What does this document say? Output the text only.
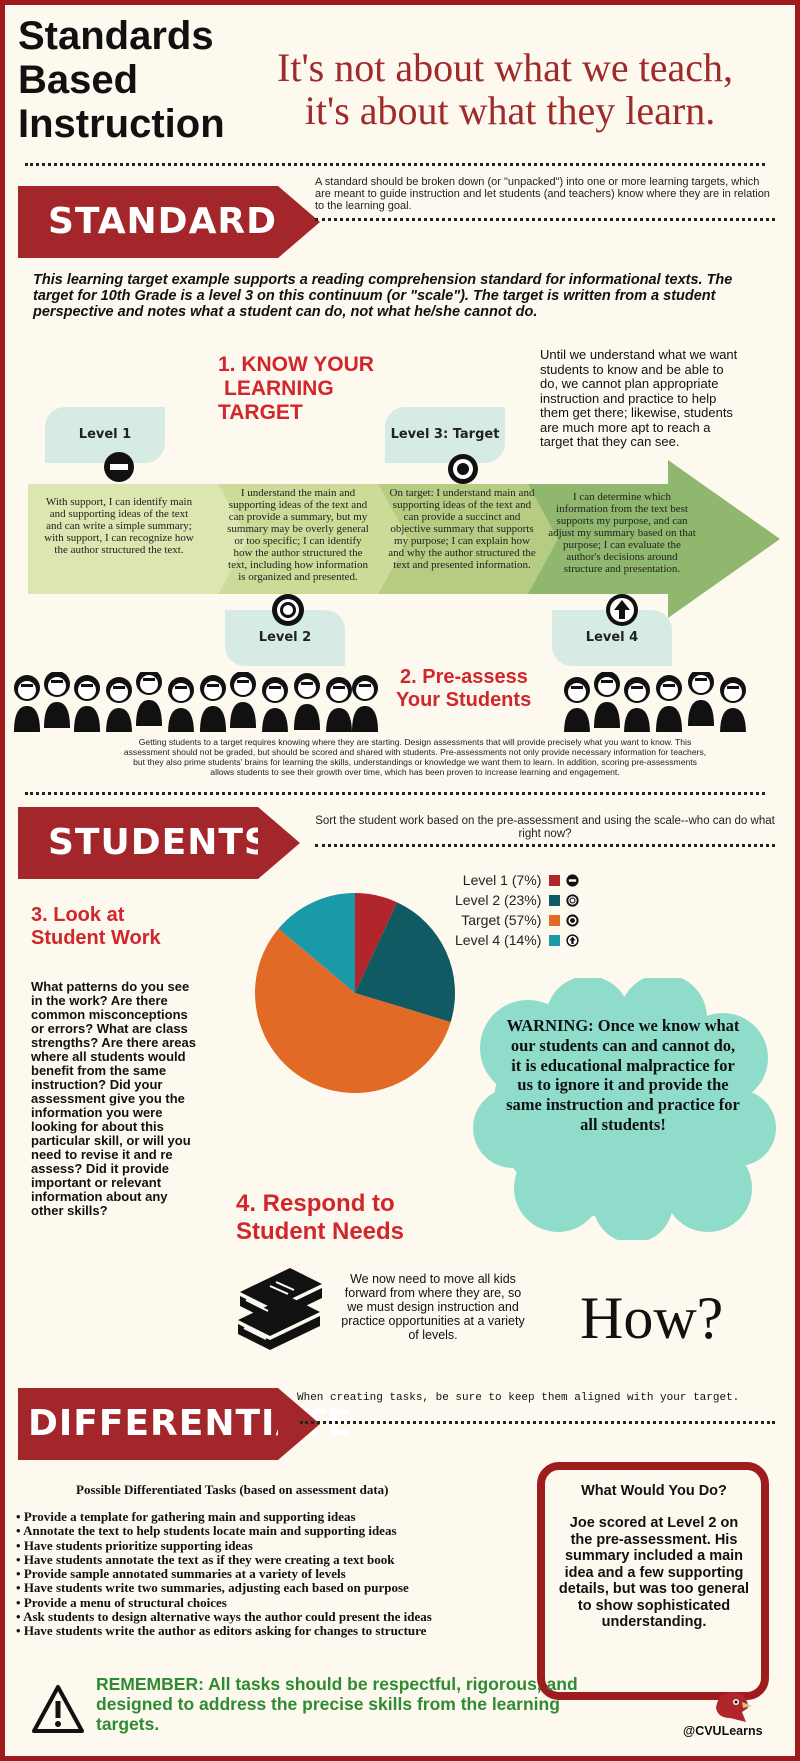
Standards
Based
Instruction
It's not about what we teach,
it's about what they learn.
STANDARDS
A standard should be broken down (or "unpacked") into one or more learning targets, which are meant to guide instruction and let students (and teachers) know where they are in relation to the learning goal.
This learning target example supports a reading comprehension standard for informational texts. The target for 10th Grade is a level 3 on this continuum (or "scale"). The target is written from a student perspective and notes what a student can do, not what he/she cannot do.
1. KNOW YOUR
LEARNING
TARGET
Until we understand what we want students to know and be able to do, we cannot plan appropriate instruction and practice to help them get there; likewise, students are much more apt to reach a target that they can see.
Level 1	Level 3: Target
Level 2	Level 4
With support, I can identify main and supporting ideas of the text and can write a simple summary; with support, I can recognize how the author structured the text.
I understand the main and supporting ideas of the text and can provide a summary, but my summary may be overly general or too specific; I can identify how the author structured the text, including how information is organized and presented.
On target: I understand main and supporting ideas of the text and can provide a succinct and objective summary that supports my purpose; I can explain how and why the author structured the text and presented information.
I can determine which information from the text best supports my purpose, and can adjust my summary based on that purpose; I can evaluate the author's decisions around structure and presentation.
2. Pre-assess
Your Students
Getting students to a target requires knowing where they are starting. Design assessments that will provide precisely what you want to know. This assessment should not be graded, but should be scored and shared with students. Pre-assessments not only provide necessary information for teachers, but they also prime students' brains for learning the skills, understandings or knowledge we want them to learn. In addition, scoring pre-assessments allows students to see their growth over time, which has been proven to increase learning and engagement.
STUDENTS
Sort the student work based on the pre-assessment and using the scale--who can do what right now?
3. Look at
Student Work
What patterns do you see in the work? Are there common misconceptions or errors? What are class strengths? Are there areas where all students would benefit from the same instruction? Did your assessment give you the information you were looking for about this particular skill, or will you need to revise it and re assess? Did it provide important or relevant information about any other skills?
Level 1 (7%)
Level 2 (23%)
Target (57%)
Level 4 (14%)
WARNING: Once we know what our students can and cannot do, it is educational malpractice for us to ignore it and provide the same instruction and practice for all students!
4. Respond to
Student Needs
We now need to move all kids forward from where they are, so we must design instruction and practice opportunities at a variety of levels.	How?
DIFFERENTIATE
When creating tasks, be sure to keep them aligned with your target.
Possible Differentiated Tasks (based on assessment data)
• Provide a template for gathering main and supporting ideas
• Annotate the text to help students locate main and supporting ideas
• Have students prioritize supporting ideas
• Have students annotate the text as if they were creating a text book
• Provide sample annotated summaries at a variety of levels
• Have students write two summaries, adjusting each based on purpose
• Provide a menu of structural choices
• Ask students to design alternative ways the author could present the ideas
• Have students write the author as editors asking for changes to structure
What Would You Do?
Joe scored at Level 2 on the pre-assessment. His summary included a main idea and a few supporting details, but was too general to show sophisticated understanding.
REMEMBER: All tasks should be respectful, rigorous, and designed to address the precise skills from the learning targets.	@CVULearns
